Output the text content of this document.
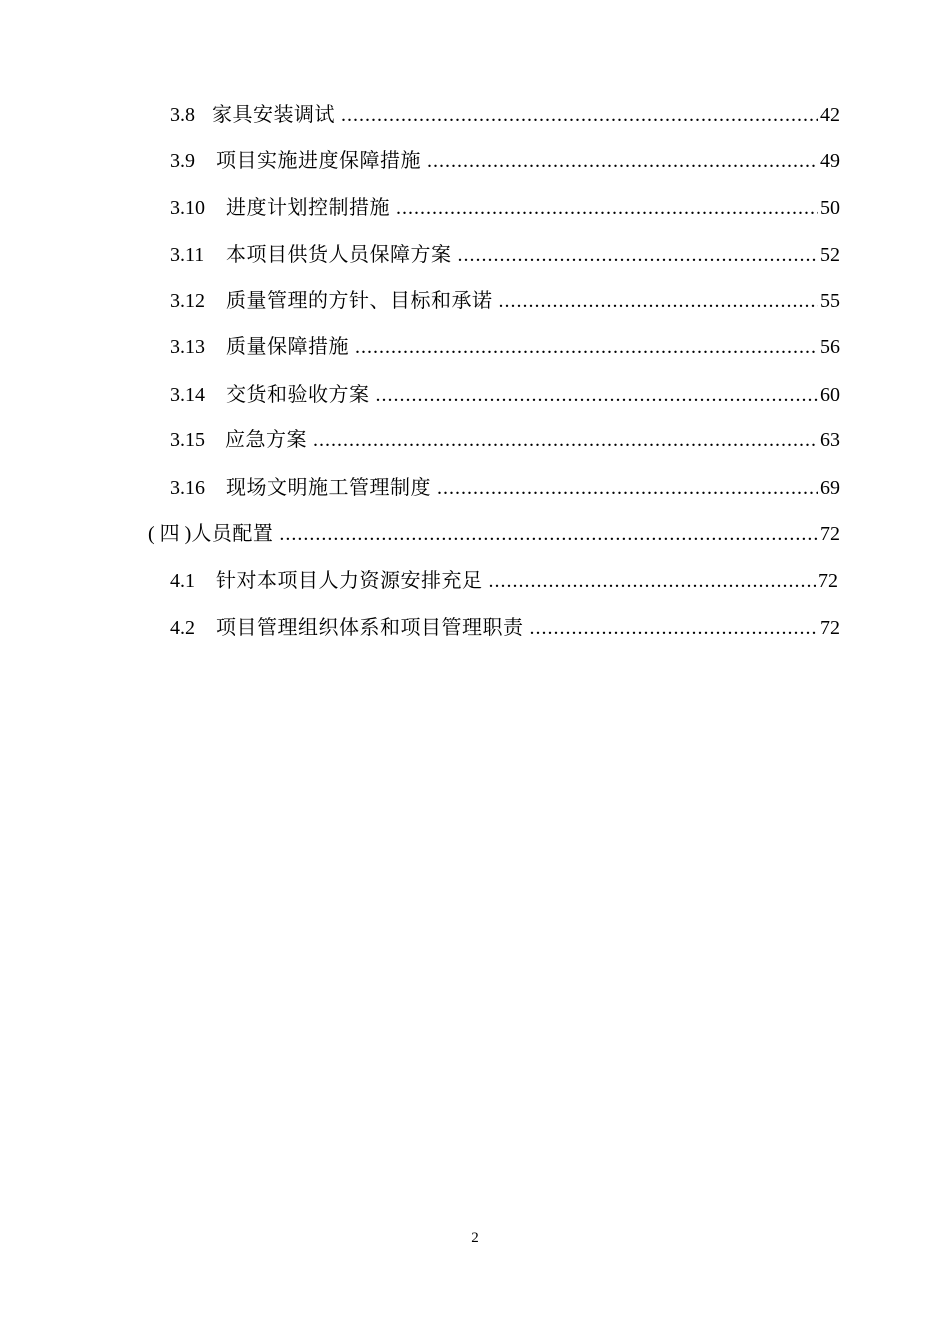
3.8 家具安装调试 .....	42
3.9	项目实施进度保障措施 .....	49
3.10	进度计划控制措施 .....	50
3.11	本项目供货人员保障方案 .....	52
3.12	质量管理的方针、目标和承诺 .....	55
3.13	质量保障措施 .....	56
3.14	交货和验收方案 .....	60
3.15	应急方案 .....	63
3.16	现场文明施工管理制度 .....	69
( 四 ) 人员配置 .....	72
4.1	针对本项目人力资源安排充足 .....	72
4.2	项目管理组织体系和项目管理职责 .....	72
2
